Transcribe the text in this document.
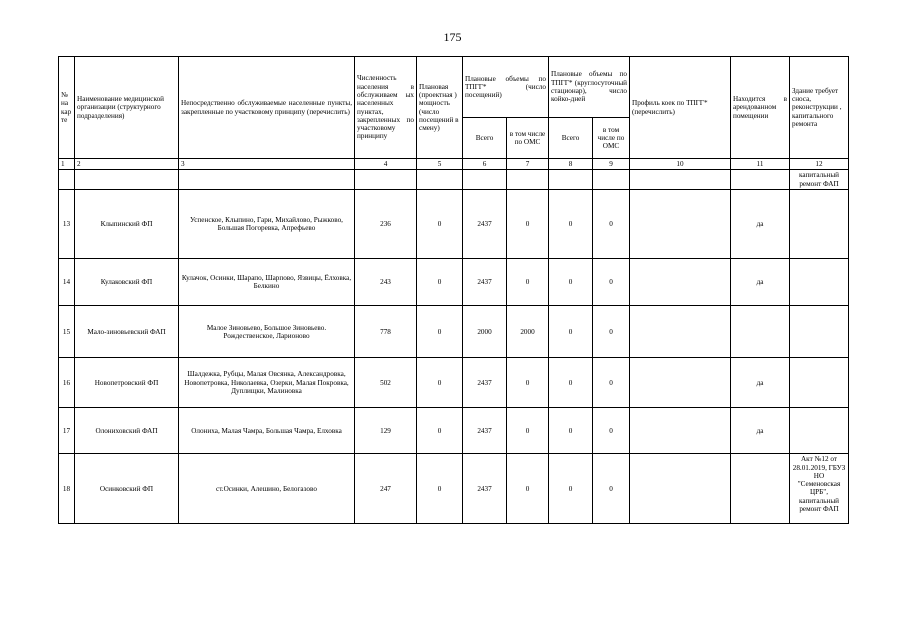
175
№ на кар те	Наименование медицинской организации (структурного подразделения)	Непосредственно обслуживаемые населенные пункты, закрепленные по участковому принципу (перечислить)	Численность населения в обслуживаем ых населенных пунктах, закрепленных по участковому принципу	Плановая (проектная ) мощность (число посещений в смену)	Плановые объемы по ТПГГ* (число посещений)		Плановые объемы по ТПГГ* (круглосуточный стационар), число койко-дней		Профиль коек по ТПГГ* (перечислить)	Находится в арендованном помещении	Здание требует сноса, реконструкции , капитального ремонта
					Всего	в том числе по ОМС	Всего	в том числе по ОМС			
1	2	3	4	5	6	7	8	9	10	11	12
											капитальный ремонт ФАП
13	Клыпинский ФП	Успенское, Клыпино, Гари, Михайлово, Рыжково, Большая Погоревка, Апрефьево	236	0	2437	0	0	0		да	
14	Кулаковский ФП	Кулачок, Осинки, Шарапо, Шарпово, Язвицы, Ёлховка, Белкино	243	0	2437	0	0	0		да	
15	Мало-зиновьевский ФАП	Малое Зиновьево, Большое Зиновьево. Рождественское, Ларионово	778	0	2000	2000	0	0			
16	Новопетровский ФП	Шалдежка, Рубцы, Малая Овсянка, Александровка, Новопетровка, Николаевка, Озерки, Малая Покровка, Дуплищки, Малиновка	502	0	2437	0	0	0		да	
17	Олониховский ФАП	Олониха, Малая Чамра, Большая Чамра, Елховка	129	0	2437	0	0	0		да	
18	Осинковский ФП	ст.Осинки, Алешино, Белогазово	247	0	2437	0	0	0			Акт №12 от 28.01.2019, ГБУЗ НО "Семеновская ЦРБ", капитальный ремонт ФАП
